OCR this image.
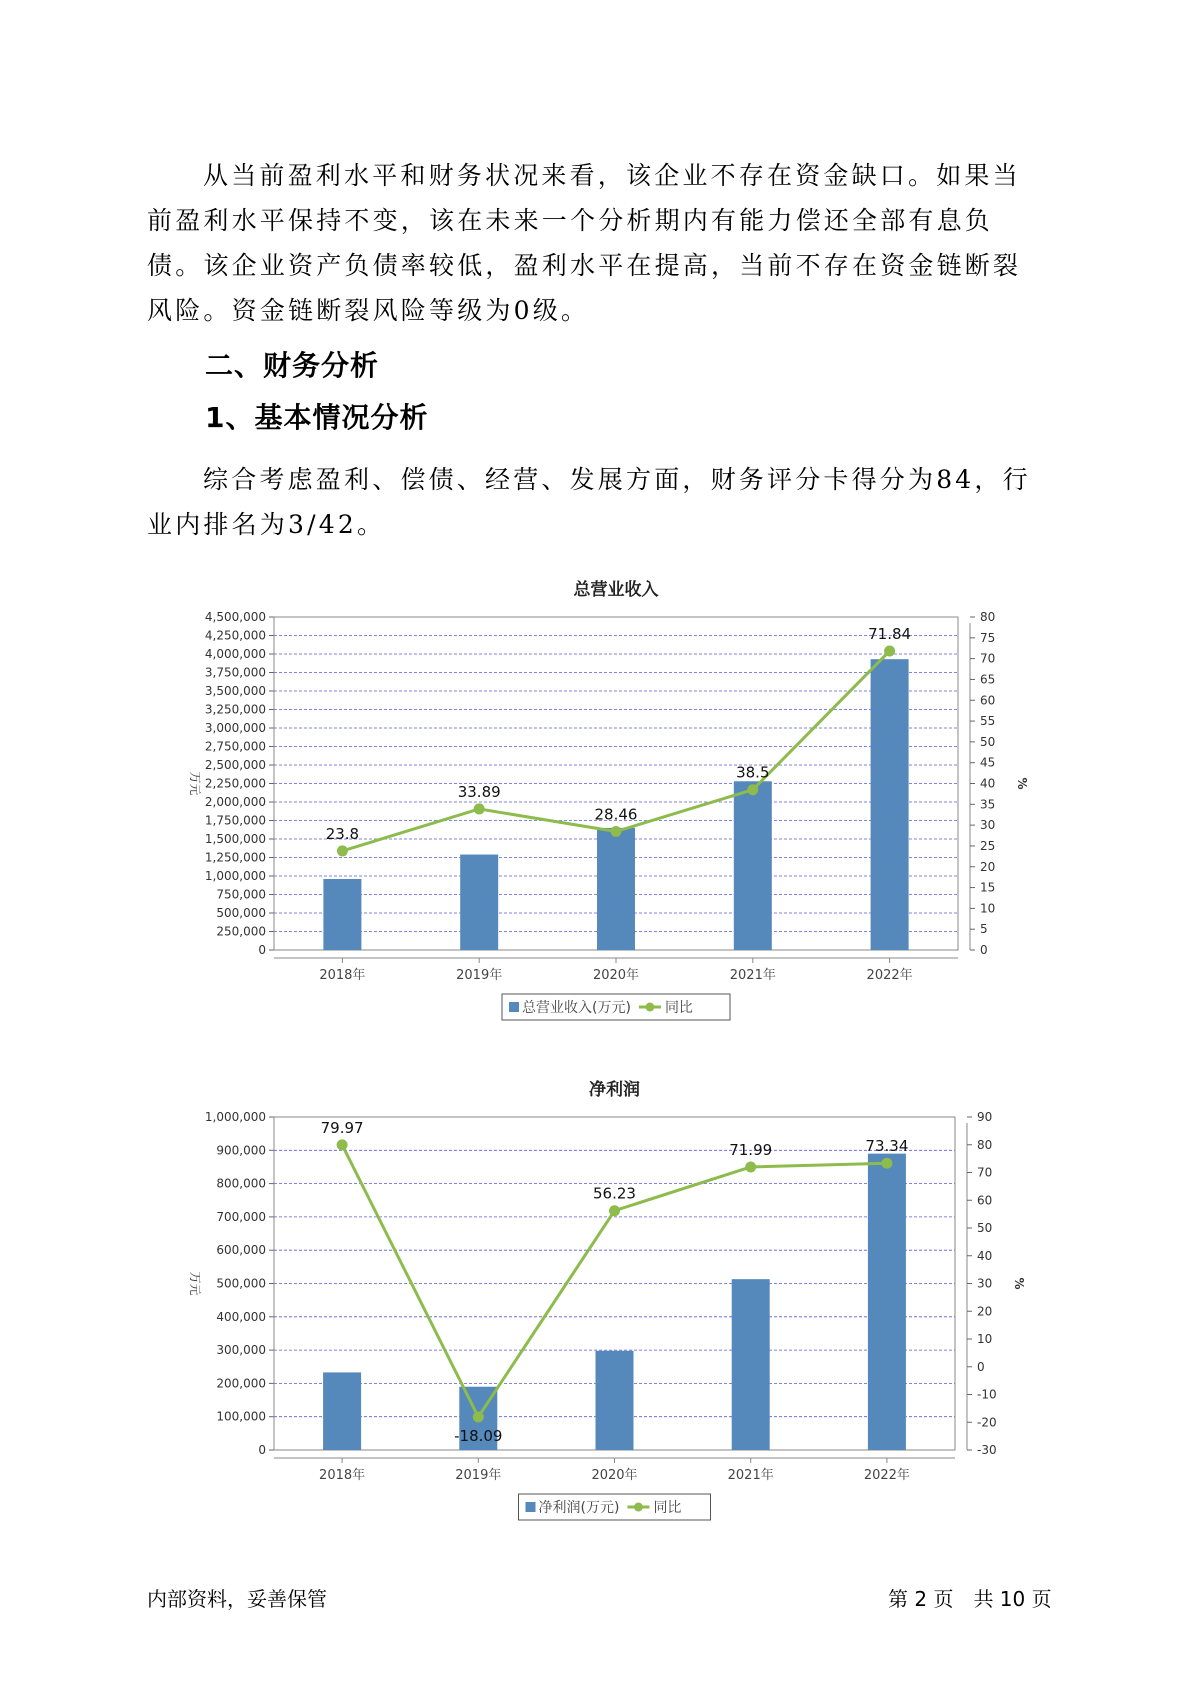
从当前盈利水平和财务状况来看，该企业不存在资金缺口。如果当前盈利水平保持不变，该在未来一个分析期内有能力偿还全部有息负债。该企业资产负债率较低，盈利水平在提高，当前不存在资金链断裂风险。资金链断裂风险等级为0级。

二、财务分析

1、基本情况分析

综合考虑盈利、偿债、经营、发展方面，财务评分卡得分为84，行业内排名为3/42。

总营业收入
0
250,000
500,000
750,000
1,000,000
1,250,000
1,500,000
1,750,000
2,000,000
2,250,000
2,500,000
2,750,000
3,000,000
3,250,000
3,500,000
3,750,000
4,000,000
4,250,000
4,500,000
0
5
10
15
20
25
30
35
40
45
50
55
60
65
70
75
80
万元	%
2018年	2019年	2020年	2021年	2022年
23.8
33.89
28.46
38.5
71.84
总营业收入(万元) 同比
净利润
0
100,000
200,000
300,000
400,000
500,000
600,000
700,000
800,000
900,000
1,000,000
-30
-20
-10
0
10
20
30
40
50
60
70
80
90
万元	%
2018年	2019年	2020年	2021年	2022年
79.97
-18.09
56.23
71.99	73.34
净利润(万元) 同比
内部资料，妥善保管	第 2 页　共 10 页
